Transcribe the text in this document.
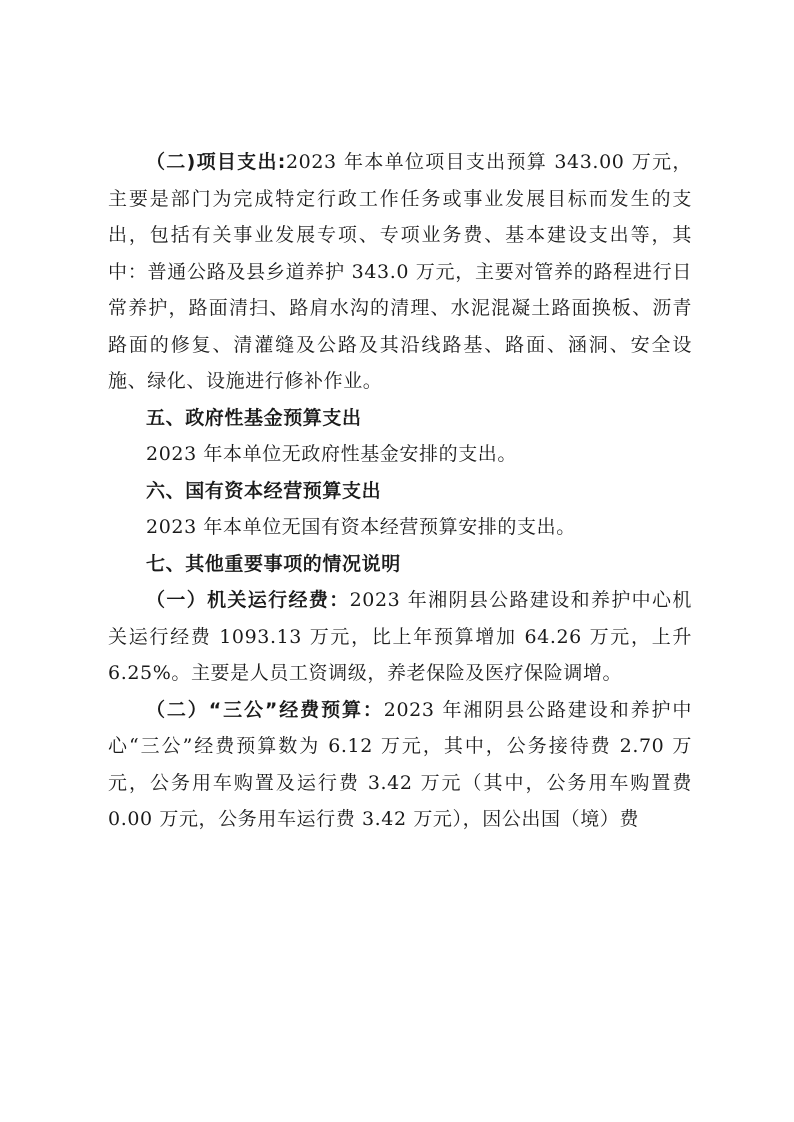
（二)项目支出:2023 年本单位项目支出预算 343.00 万元，主要是部门为完成特定行政工作任务或事业发展目标而发生的支出，包括有关事业发展专项、专项业务费、基本建设支出等，其中：普通公路及县乡道养护 343.0 万元，主要对管养的路程进行日常养护，路面清扫、路肩水沟的清理、水泥混凝土路面换板、沥青路面的修复、清灌缝及公路及其沿线路基、路面、涵洞、安全设施、绿化、设施进行修补作业。

五、政府性基金预算支出

2023 年本单位无政府性基金安排的支出。

六、国有资本经营预算支出

2023 年本单位无国有资本经营预算安排的支出。

七、其他重要事项的情况说明

（一）机关运行经费：2023 年湘阴县公路建设和养护中心机关运行经费 1093.13 万元，比上年预算增加 64.26 万元，上升 6.25%。主要是人员工资调级，养老保险及医疗保险调增。

（二）“三公”经费预算：2023 年湘阴县公路建设和养护中心“三公”经费预算数为 6.12 万元，其中，公务接待费 2.70 万元，公务用车购置及运行费 3.42 万元（其中，公务用车购置费 0.00 万元，公务用车运行费 3.42 万元），因公出国（境）费
